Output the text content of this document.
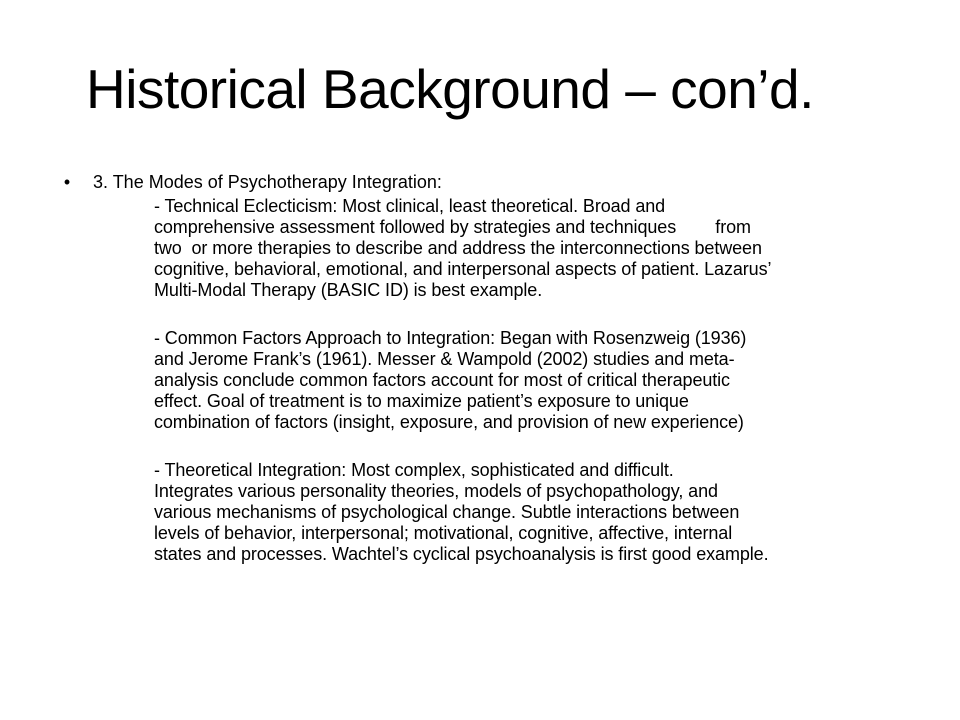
Historical Background – con’d.
• 3. The Modes of Psychotherapy Integration:
- Technical Eclecticism: Most clinical, least theoretical. Broad and
comprehensive assessment followed by strategies and techniques        from
two  or more therapies to describe and address the interconnections between
cognitive, behavioral, emotional, and interpersonal aspects of patient. Lazarus’
Multi-Modal Therapy (BASIC ID) is best example.
- Common Factors Approach to Integration: Began with Rosenzweig (1936)
and Jerome Frank’s (1961). Messer & Wampold (2002) studies and meta-
analysis conclude common factors account for most of critical therapeutic
effect. Goal of treatment is to maximize patient’s exposure to unique
combination of factors (insight, exposure, and provision of new experience)
- Theoretical Integration: Most complex, sophisticated and difficult.
Integrates various personality theories, models of psychopathology, and
various mechanisms of psychological change. Subtle interactions between
levels of behavior, interpersonal; motivational, cognitive, affective, internal
states and processes. Wachtel’s cyclical psychoanalysis is first good example.
